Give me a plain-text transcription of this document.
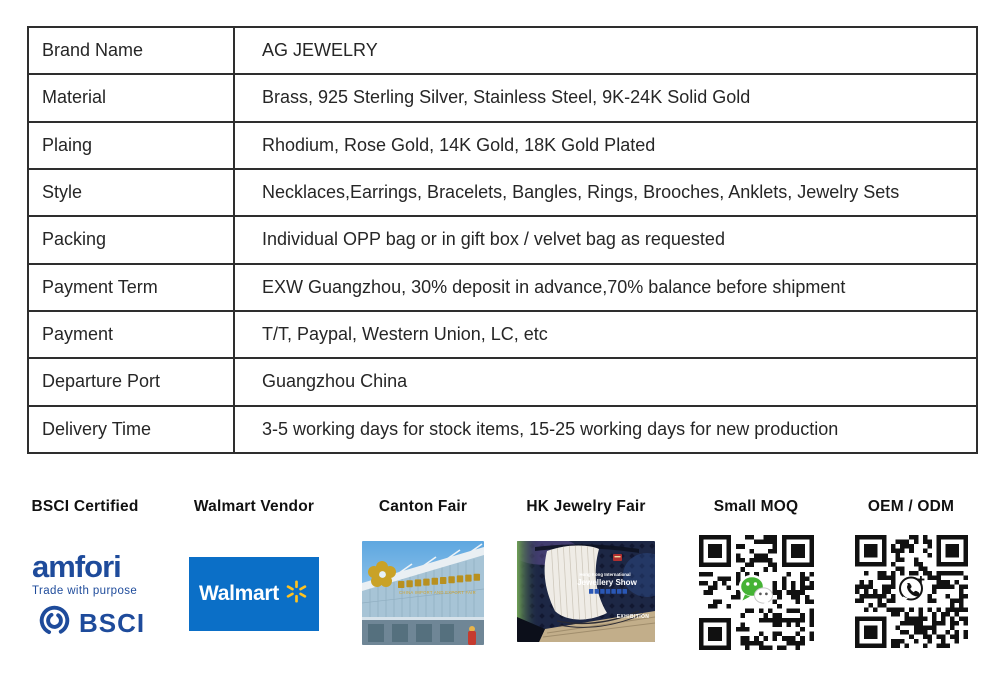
Brand Name	AG JEWELRY
Material	Brass, 925 Sterling Silver, Stainless Steel, 9K-24K Solid Gold
Plaing	Rhodium, Rose Gold, 14K Gold, 18K Gold Plated
Style	Necklaces,Earrings, Bracelets, Bangles, Rings, Brooches, Anklets, Jewelry Sets
Packing	Individual OPP bag or in gift box / velvet bag as requested
Payment Term	EXW Guangzhou, 30% deposit in advance,70% balance before shipment
Payment	T/T, Paypal, Western Union, LC, etc
Departure Port	Guangzhou China
Delivery Time	3-5 working days for stock items, 15-25 working days for new production
BSCI Certified
amfori
Trade with purpose
BSCI
Walmart Vendor
Walmart
Canton Fair
CHINA IMPORT AND EXPORT FAIR
HK Jewelry Fair
Hong Kong International
Jewellery Show
EXHIBITION
Small MOQ	OEM / ODM
